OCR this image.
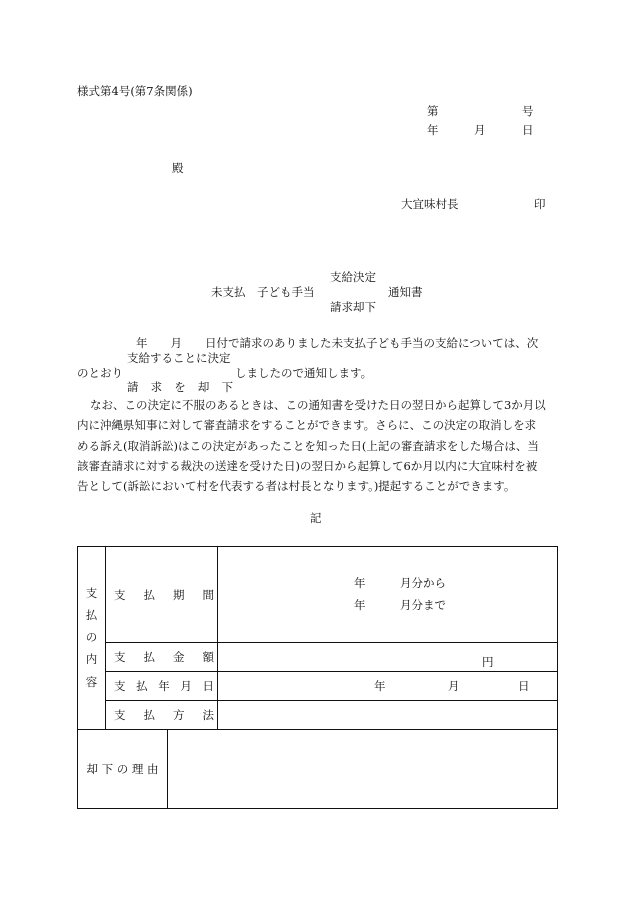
様式第4号(第7条関係)
第	号
年	月	日
殿
大宜味村長	印
支給決定
未支払　子ども手当	通知書
請求却下
年　　月　　日付で請求のありました未支払子ども手当の支給については、次
支給することに決定
のとおり	しましたので通知します。
請 求 を 却 下
なお、この決定に不服のあるときは、この通知書を受けた日の翌日から起算して3か月以
内に沖縄県知事に対して審査請求をすることができます。さらに、この決定の取消しを求
める訴え(取消訴訟)はこの決定があったことを知った日(上記の審査請求をした場合は、当
該審査請求に対する裁決の送達を受けた日)の翌日から起算して6か月以内に大宜味村を被
告として(訴訟において村を代表する者は村長となります。)提起することができます。
記
支
払
の
内
容	支 払 期 間		年 月分から
年 月分まで

	支 払 金 額		円

	支 払 年 月 日		年 月 日

	支 払 方 法		

却 下 の 理 由			
